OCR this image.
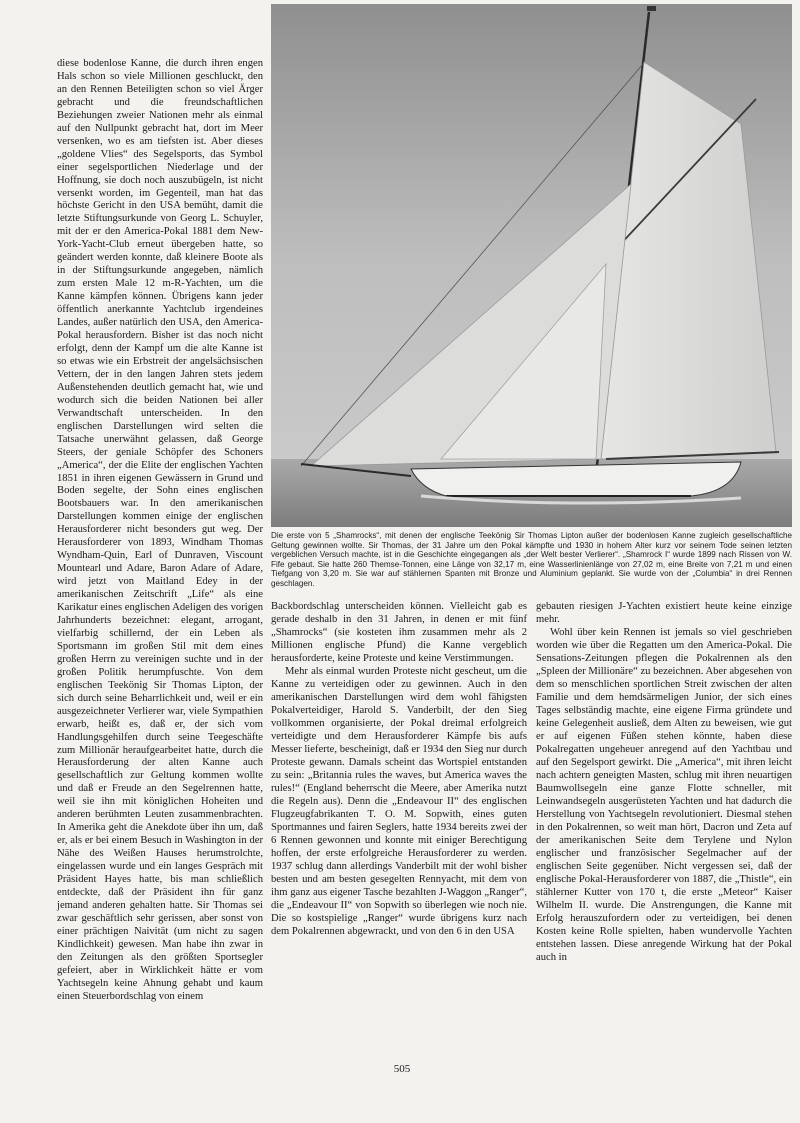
diese bodenlose Kanne, die durch ihren engen Hals schon so viele Millionen geschluckt, den an den Rennen Beteiligten schon so viel Ärger gebracht und die freundschaftlichen Beziehungen zweier Nationen mehr als einmal auf den Nullpunkt gebracht hat, dort im Meer versenken, wo es am tiefsten ist. Aber dieses „goldene Vlies“ des Segelsports, das Symbol einer segelsportlichen Niederlage und der Hoffnung, sie doch noch auszubügeln, ist nicht versenkt worden, im Gegenteil, man hat das höchste Gericht in den USA bemüht, damit die letzte Stiftungsurkunde von Georg L. Schuyler, mit der er den America-Pokal 1881 dem New-York-Yacht-Club erneut übergeben hatte, so geändert werden konnte, daß kleinere Boote als in der Stiftungsurkunde angegeben, nämlich zum ersten Male 12 m-R-Yachten, um die Kanne kämpfen können. Übrigens kann jeder öffentlich anerkannte Yachtclub irgendeines Landes, außer natürlich den USA, den America-Pokal herausfordern. Bisher ist das noch nicht erfolgt, denn der Kampf um die alte Kanne ist so etwas wie ein Erbstreit der angelsächsischen Vettern, der in den langen Jahren stets jedem Außenstehenden deutlich gemacht hat, wie und wodurch sich die beiden Nationen bei aller Verwandtschaft unterscheiden. In den englischen Darstellungen wird selten die Tatsache unerwähnt gelassen, daß George Steers, der geniale Schöpfer des Schoners „America“, der die Elite der englischen Yachten 1851 in ihren eigenen Gewässern in Grund und Boden segelte, der Sohn eines englischen Bootsbauers war. In den amerikanischen Darstellungen kommen einige der englischen Herausforderer nicht besonders gut weg. Der Herausforderer von 1893, Windham Thomas Wyndham-Quin, Earl of Dunraven, Viscount Mountearl und Adare, Baron Adare of Adare, wird jetzt von Maitland Edey in der amerikanischen Zeitschrift „Life“ als eine Karikatur eines englischen Adeligen des vorigen Jahrhunderts bezeichnet: elegant, arrogant, vielfarbig schillernd, der ein Leben als Sportsmann im großen Stil mit dem eines großen Herrn zu vereinigen suchte und in der großen Politik herumpfuschte. Von dem englischen Teekönig Sir Thomas Lipton, der sich durch seine Beharrlichkeit und, weil er ein ausgezeichneter Verlierer war, viele Sympathien erwarb, heißt es, daß er, der sich vom Handlungsgehilfen durch seine Teegeschäfte zum Millionär heraufgearbeitet hatte, durch die Herausforderung der alten Kanne auch gesellschaftlich zur Geltung kommen wollte und daß er Freude an den Segelrennen hatte, weil sie ihn mit königlichen Hoheiten und anderen berühmten Leuten zusammenbrachten. In Amerika geht die Anekdote über ihn um, daß er, als er bei einem Besuch in Washington in der Nähe des Weißen Hauses herumstrolchte, eingelassen wurde und ein langes Gespräch mit Präsident Hayes hatte, bis man schließlich entdeckte, daß der Präsident ihn für ganz jemand anderen gehalten hatte. Sir Thomas sei zwar geschäftlich sehr gerissen, aber sonst von einer prächtigen Naivität (um nicht zu sagen Kindlichkeit) gewesen. Man habe ihn zwar in den Zeitungen als den größten Sportsegler gefeiert, aber in Wirklichkeit hätte er vom Yachtsegeln keine Ahnung gehabt und kaum einen Steuerbordschlag von einem

Die erste von 5 „Shamrocks“, mit denen der englische Teekönig Sir Thomas Lipton außer der bodenlosen Kanne zugleich gesellschaftliche Geltung gewinnen wollte. Sir Thomas, der 31 Jahre um den Pokal kämpfte und 1930 in hohem Alter kurz vor seinem Tode seinen letzten vergeblichen Versuch machte, ist in die Geschichte eingegangen als „der Welt bester Verlierer“. „Shamrock I“ wurde 1899 nach Rissen von W. Fife gebaut. Sie hatte 260 Themse-Tonnen, eine Länge von 32,17 m, eine Wasserlinienlänge von 27,02 m, eine Breite von 7,21 m und einen Tiefgang von 3,20 m. Sie war auf stählernen Spanten mit Bronze und Aluminium geplankt. Sie wurde von der „Columbia“ in drei Rennen geschlagen.

Backbordschlag unterscheiden können. Vielleicht gab es gerade deshalb in den 31 Jahren, in denen er mit fünf „Shamrocks“ (sie kosteten ihm zusammen mehr als 2 Millionen englische Pfund) die Kanne vergeblich herausforderte, keine Proteste und keine Verstimmungen.

Mehr als einmal wurden Proteste nicht gescheut, um die Kanne zu verteidigen oder zu gewinnen. Auch in den amerikanischen Darstellungen wird dem wohl fähigsten Pokalverteidiger, Harold S. Vanderbilt, der den Sieg vollkommen organisierte, der Pokal dreimal erfolgreich verteidigte und dem Herausforderer Kämpfe bis aufs Messer lieferte, bescheinigt, daß er 1934 den Sieg nur durch Proteste gewann. Damals scheint das Wortspiel entstanden zu sein: „Britannia rules the waves, but America waves the rules!“ (England beherrscht die Meere, aber Amerika nutzt die Regeln aus). Denn die „Endeavour II“ des englischen Flugzeugfabrikanten T. O. M. Sopwith, eines guten Sportmannes und fairen Seglers, hatte 1934 bereits zwei der 6 Rennen gewonnen und konnte mit einiger Berechtigung hoffen, der erste erfolgreiche Herausforderer zu werden. 1937 schlug dann allerdings Vanderbilt mit der wohl bisher besten und am besten gesegelten Rennyacht, mit dem von ihm ganz aus eigener Tasche bezahlten J-Waggon „Ranger“, die „Endeavour II“ von Sopwith so überlegen wie noch nie. Die so kostspielige „Ranger“ wurde übrigens kurz nach dem Pokalrennen abgewrackt, und von den 6 in den USA

gebauten riesigen J-Yachten existiert heute keine einzige mehr.

Wohl über kein Rennen ist jemals so viel geschrieben worden wie über die Regatten um den America-Pokal. Die Sensations-Zeitungen pflegen die Pokalrennen als den „Spleen der Millionäre“ zu bezeichnen. Aber abgesehen von dem so menschlichen sportlichen Streit zwischen der alten Familie und dem hemdsärmeligen Junior, der sich eines Tages selbständig machte, eine eigene Firma gründete und keine Gelegenheit ausließ, dem Alten zu beweisen, wie gut er auf eigenen Füßen stehen könnte, haben diese Pokalregatten ungeheuer anregend auf den Yachtbau und auf den Segelsport gewirkt. Die „America“, mit ihren leicht nach achtern geneigten Masten, schlug mit ihren neuartigen Baumwollsegeln eine ganze Flotte schneller, mit Leinwandsegeln ausgerüsteten Yachten und hat dadurch die Herstellung von Yachtsegeln revolutioniert. Diesmal stehen in den Pokalrennen, so weit man hört, Dacron und Zeta auf der amerikanischen Seite dem Terylene und Nylon englischer und französischer Segelmacher auf der englischen Seite gegenüber. Nicht vergessen sei, daß der englische Pokal-Herausforderer von 1887, die „Thistle“, ein stählerner Kutter von 170 t, die erste „Meteor“ Kaiser Wilhelm II. wurde. Die Anstrengungen, die Kanne mit Erfolg herauszufordern oder zu verteidigen, bei denen Kosten keine Rolle spielten, haben wundervolle Yachten entstehen lassen. Diese anregende Wirkung hat der Pokal auch in

505
